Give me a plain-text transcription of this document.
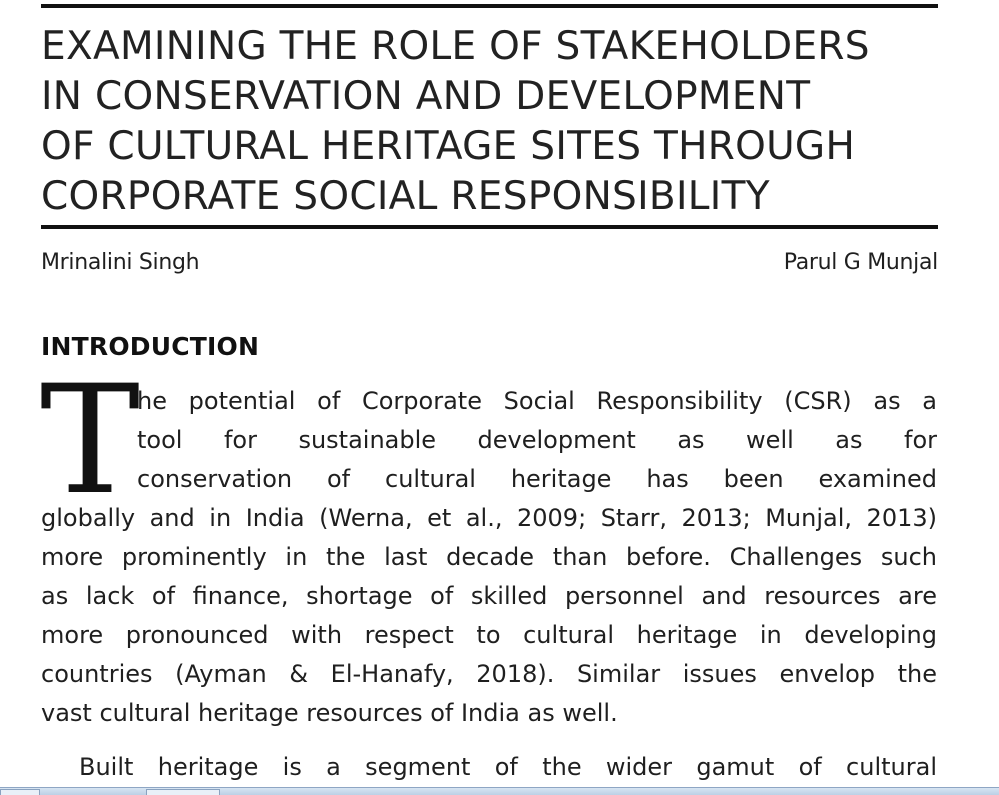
EXAMINING THE ROLE OF STAKEHOLDERS
IN CONSERVATION AND DEVELOPMENT
OF CULTURAL HERITAGE SITES THROUGH
CORPORATE SOCIAL RESPONSIBILITY
Mrinalini Singh	Parul G Munjal
INTRODUCTION
T
he potential of Corporate Social Responsibility (CSR) as a
tool for sustainable development as well as for
conservation of cultural heritage has been examined
globally and in India (Werna, et al., 2009; Starr, 2013; Munjal, 2013)
more prominently in the last decade than before. Challenges such
as lack of finance, shortage of skilled personnel and resources are
more pronounced with respect to cultural heritage in developing
countries (Ayman & El-Hanafy, 2018). Similar issues envelop the
vast cultural heritage resources of India as well.
Built heritage is a segment of the wider gamut of cultural
